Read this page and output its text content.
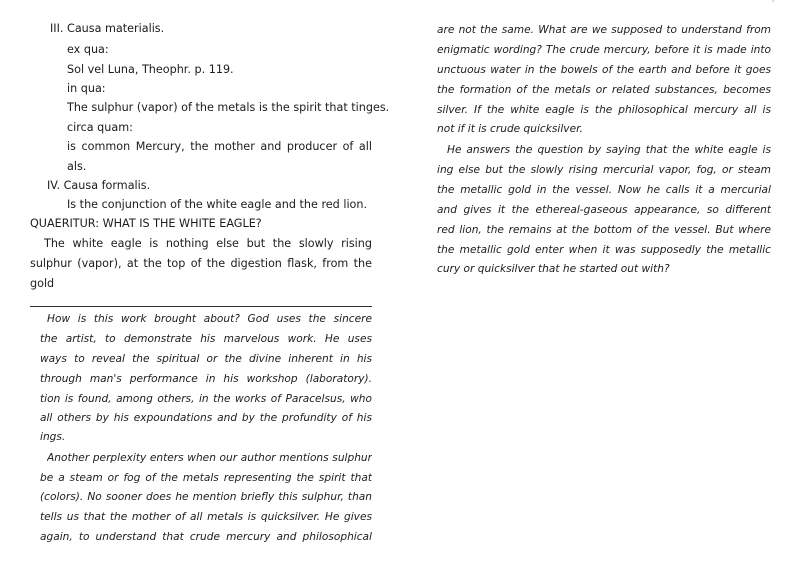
III. Causa materialis.
ex qua:
Sol vel Luna, Theophr. p. 119.
in qua:
The sulphur (vapor) of the metals is the spirit that tinges.
circa quam:
is common Mercury, the mother and producer of all
als.
IV. Causa formalis.
Is the conjunction of the white eagle and the red lion.
QUAERITUR: WHAT IS THE WHITE EAGLE?
The white eagle is nothing else but the slowly rising
sulphur (vapor), at the top of the digestion flask, from the
gold
How is this work brought about? God uses the sincere
the artist, to demonstrate his marvelous work. He uses
ways to reveal the spiritual or the divine inherent in his
through man's performance in his workshop (laboratory).
tion is found, among others, in the works of Paracelsus, who
all others by his expoundations and by the profundity of his
ings.
Another perplexity enters when our author mentions sulphur
be a steam or fog of the metals representing the spirit that
(colors). No sooner does he mention briefly this sulphur, than
tells us that the mother of all metals is quicksilver. He gives
again, to understand that crude mercury and philosophical
are not the same. What are we supposed to understand from
enigmatic wording? The crude mercury, before it is made into
unctuous water in the bowels of the earth and before it goes
the formation of the metals or related substances, becomes
silver. If the white eagle is the philosophical mercury all is
not if it is crude quicksilver.
He answers the question by saying that the white eagle is
ing else but the slowly rising mercurial vapor, fog, or steam
the metallic gold in the vessel. Now he calls it a mercurial
and gives it the ethereal-gaseous appearance, so different
red lion, the remains at the bottom of the vessel. But where
the metallic gold enter when it was supposedly the metallic
cury or quicksilver that he started out with?
